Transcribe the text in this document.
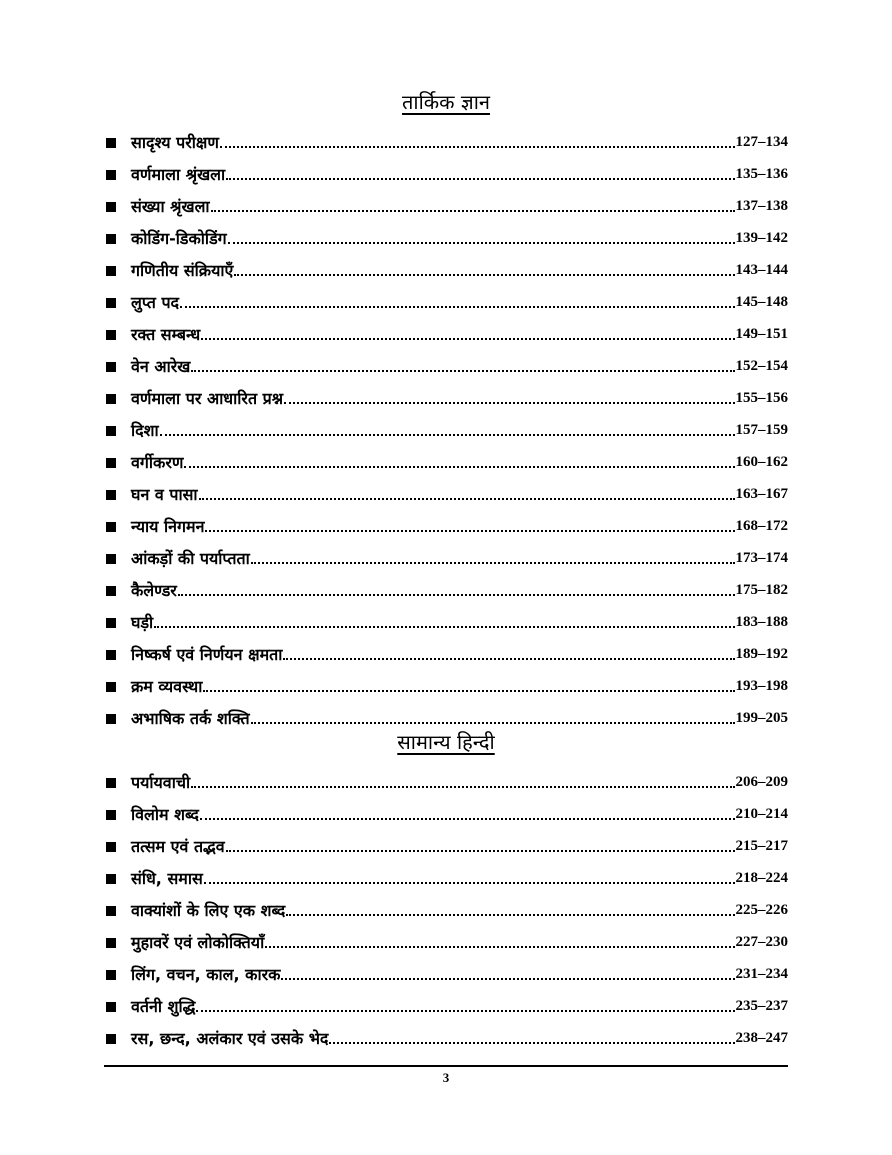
तार्किक ज्ञान
सादृश्य परीक्षण	127–134
वर्णमाला श्रृंखला	135–136
संख्या श्रृंखला	137–138
कोडिंग-डिकोडिंग	139–142
गणितीय संक्रियाएँ	143–144
लुप्त पद	145–148
रक्त सम्बन्ध	149–151
वेन आरेख	152–154
वर्णमाला पर आधारित प्रश्न	155–156
दिशा	157–159
वर्गीकरण	160–162
घन व पासा	163–167
न्याय निगमन	168–172
आंकड़ों की पर्याप्तता	173–174
कैलेण्डर	175–182
घड़ी	183–188
निष्कर्ष एवं निर्णयन क्षमता	189–192
क्रम व्यवस्था	193–198
अभाषिक तर्क शक्ति	199–205
सामान्य हिन्दी
पर्यायवाची	206–209
विलोम शब्द	210–214
तत्सम एवं तद्भव	215–217
संधि, समास	218–224
वाक्यांशों के लिए एक शब्द	225–226
मुहावरें एवं लोकोक्तियाँ	227–230
लिंग, वचन, काल, कारक	231–234
वर्तनी शुद्धि	235–237
रस, छन्द, अलंकार एवं उसके भेद	238–247
3
